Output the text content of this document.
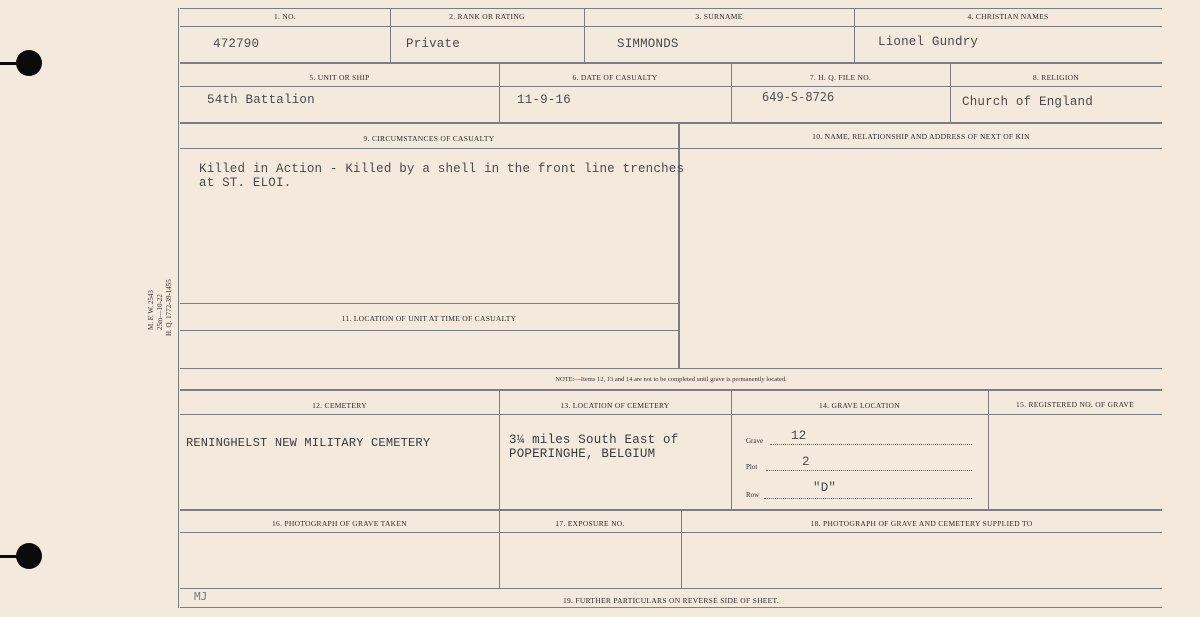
M. F. W. 2543 25m—10-22 H. Q. 1772-39-1455
1. NO.	2. RANK OR RATING	3. SURNAME	4. CHRISTIAN NAMES
472790	Private	SIMMONDS	Lionel Gundry
5. UNIT OR SHIP	6. DATE OF CASUALTY	7. H. Q. FILE NO.	8. RELIGION
54th Battalion	11-9-16	649-S-8726	Church of England
9. CIRCUMSTANCES OF CASUALTY	10. NAME, RELATIONSHIP AND ADDRESS OF NEXT OF KIN
11. LOCATION OF UNIT AT TIME OF CASUALTY
Killed in Action - Killed by a shell in the front line trenches
at ST. ELOI.
NOTE:—Items 12, 13 and 14 are not to be completed until grave is permanently located.
12. CEMETERY	13. LOCATION OF CEMETERY	14. GRAVE LOCATION	15. REGISTERED NO. OF GRAVE
RENINGHELST NEW MILITARY CEMETERY	3¼ miles South East of
POPERINGHE, BELGIUM
Grave 12
Plot	2
Row	"D"
16. PHOTOGRAPH OF GRAVE TAKEN	17. EXPOSURE NO.	18. PHOTOGRAPH OF GRAVE AND CEMETERY SUPPLIED TO
MJ	19. FURTHER PARTICULARS ON REVERSE SIDE OF SHEET.
